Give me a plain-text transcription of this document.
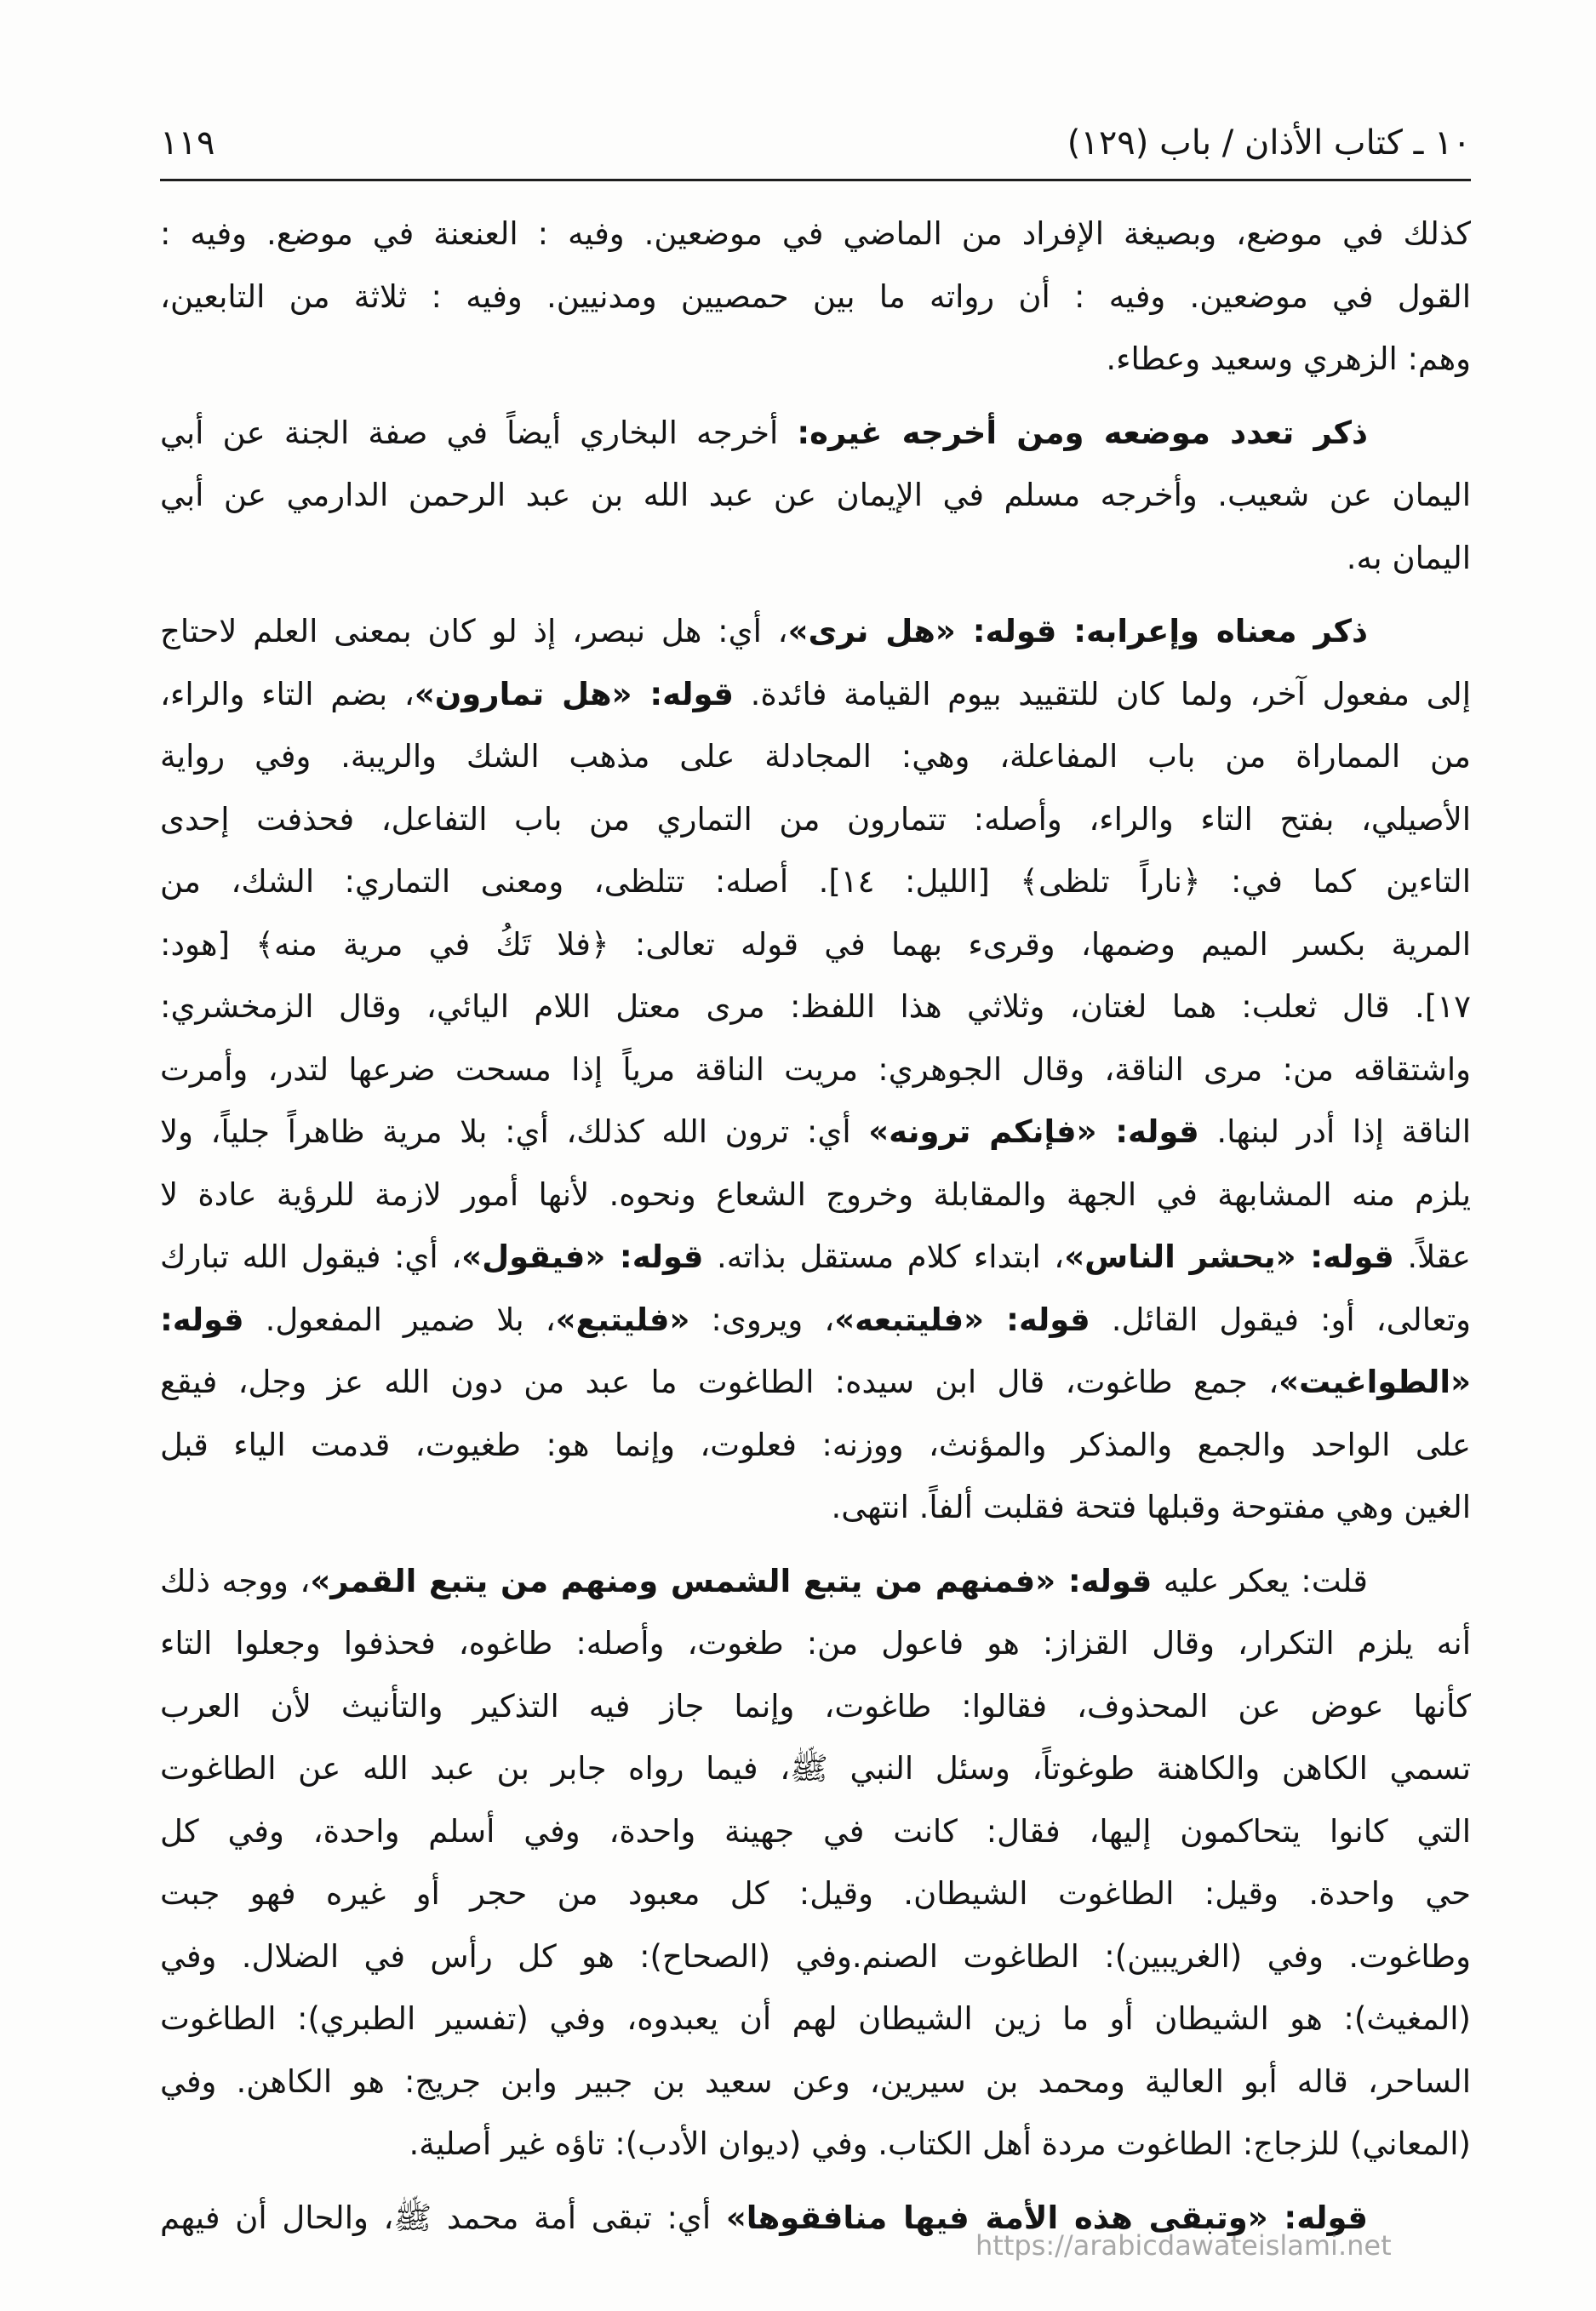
١٠ ـ كتاب الأذان / باب (١٢٩)
١١٩
كذلك في موضع، وبصيغة الإفراد من الماضي في موضعين. وفيه : العنعنة في موضع. وفيه :
القول في موضعين. وفيه : أن رواته ما بين حمصيين ومدنيين. وفيه : ثلاثة من التابعين،
وهم: الزهري وسعيد وعطاء.
ذكر تعدد موضعه ومن أخرجه غيره: أخرجه البخاري أيضاً في صفة الجنة عن أبي
اليمان عن شعيب. وأخرجه مسلم في الإيمان عن عبد الله بن عبد الرحمن الدارمي عن أبي
اليمان به.
ذكر معناه وإعرابه: قوله: «هل نرى»، أي: هل نبصر، إذ لو كان بمعنى العلم لاحتاج
إلى مفعول آخر، ولما كان للتقييد بيوم القيامة فائدة. قوله: «هل تمارون»، بضم التاء والراء،
من المماراة من باب المفاعلة، وهي: المجادلة على مذهب الشك والريبة. وفي رواية
الأصيلي، بفتح التاء والراء، وأصله: تتمارون من التماري من باب التفاعل، فحذفت إحدى
التاءين كما في: ﴿ناراً تلظى﴾ [الليل: ١٤]. أصله: تتلظى، ومعنى التماري: الشك، من
المرية بكسر الميم وضمها، وقرىء بهما في قوله تعالى: ﴿فلا تَكُ في مرية منه﴾ [هود:
١٧]. قال ثعلب: هما لغتان، وثلاثي هذا اللفظ: مرى معتل اللام اليائي، وقال الزمخشري:
واشتقاقه من: مرى الناقة، وقال الجوهري: مريت الناقة مرياً إذا مسحت ضرعها لتدر، وأمرت
الناقة إذا أدر لبنها. قوله: «فإنكم ترونه» أي: ترون الله كذلك، أي: بلا مرية ظاهراً جلياً، ولا
يلزم منه المشابهة في الجهة والمقابلة وخروج الشعاع ونحوه. لأنها أمور لازمة للرؤية عادة لا
عقلاً. قوله: «يحشر الناس»، ابتداء كلام مستقل بذاته. قوله: «فيقول»، أي: فيقول الله تبارك
وتعالى، أو: فيقول القائل. قوله: «فليتبعه»، ويروى: «فليتبع»، بلا ضمير المفعول. قوله:
«الطواغيت»، جمع طاغوت، قال ابن سيده: الطاغوت ما عبد من دون الله عز وجل، فيقع
على الواحد والجمع والمذكر والمؤنث، ووزنه: فعلوت، وإنما هو: طغيوت، قدمت الياء قبل
الغين وهي مفتوحة وقبلها فتحة فقلبت ألفاً. انتهى.
قلت: يعكر عليه قوله: «فمنهم من يتبع الشمس ومنهم من يتبع القمر»، ووجه ذلك
أنه يلزم التكرار، وقال القزاز: هو فاعول من: طغوت، وأصله: طاغوه، فحذفوا وجعلوا التاء
كأنها عوض عن المحذوف، فقالوا: طاغوت، وإنما جاز فيه التذكير والتأنيث لأن العرب
تسمي الكاهن والكاهنة طوغوتاً، وسئل النبي ﷺ، فيما رواه جابر بن عبد الله عن الطاغوت
التي كانوا يتحاكمون إليها، فقال: كانت في جهينة واحدة، وفي أسلم واحدة، وفي كل
حي واحدة. وقيل: الطاغوت الشيطان. وقيل: كل معبود من حجر أو غيره فهو جبت
وطاغوت. وفي (الغريبين): الطاغوت الصنم.وفي (الصحاح): هو كل رأس في الضلال. وفي
(المغيث): هو الشيطان أو ما زين الشيطان لهم أن يعبدوه، وفي (تفسير الطبري): الطاغوت
الساحر، قاله أبو العالية ومحمد بن سيرين، وعن سعيد بن جبير وابن جريج: هو الكاهن. وفي
(المعاني) للزجاج: الطاغوت مردة أهل الكتاب. وفي (ديوان الأدب): تاؤه غير أصلية.
قوله: «وتبقى هذه الأمة فيها منافقوها» أي: تبقى أمة محمد ﷺ، والحال أن فيهم
https://arabicdawateislami.net
